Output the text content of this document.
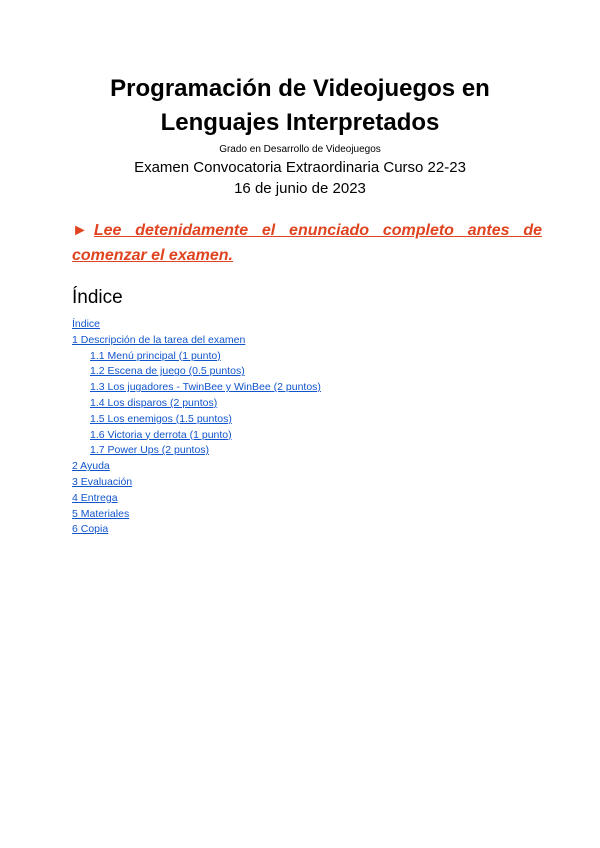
Programación de Videojuegos en
Lenguajes Interpretados
Grado en Desarrollo de Videojuegos
Examen Convocatoria Extraordinaria Curso 22-23
16 de junio de 2023
► Lee detenidamente el enunciado completo antes de comenzar el examen.
Índice
Índice
1 Descripción de la tarea del examen
1.1 Menú principal (1 punto)
1.2 Escena de juego (0.5 puntos)
1.3 Los jugadores - TwinBee y WinBee (2 puntos)
1.4 Los disparos (2 puntos)
1.5 Los enemigos (1.5 puntos)
1.6 Victoria y derrota (1 punto)
1.7 Power Ups (2 puntos)
2 Ayuda
3 Evaluación
4 Entrega
5 Materiales
6 Copia
